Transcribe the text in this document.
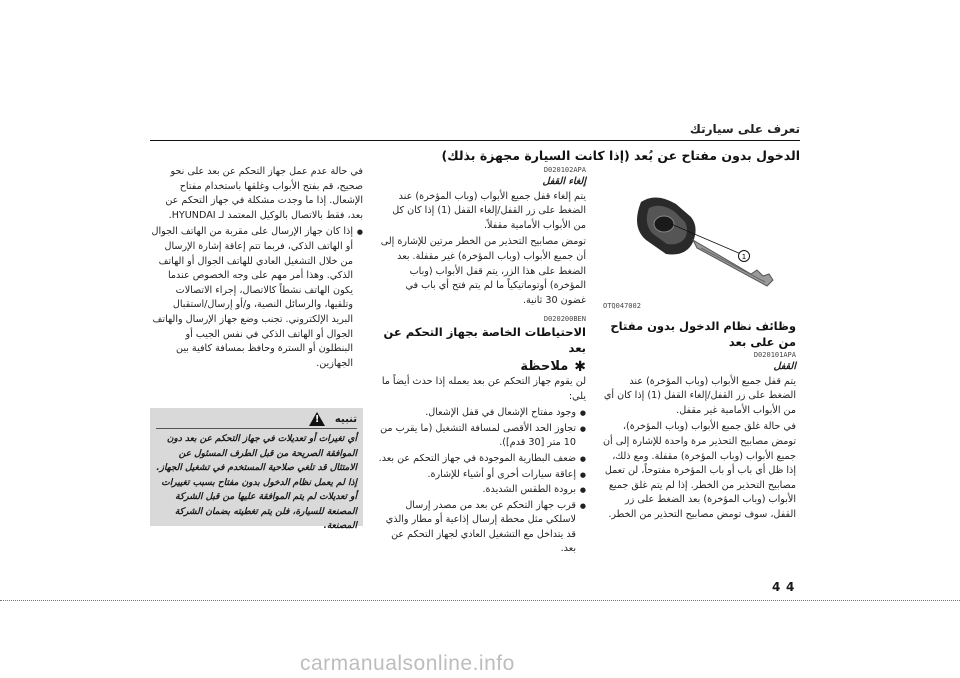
تعرف على سيارتك
الدخول بدون مفتاح عن بُعد (إذا كانت السيارة مجهزة بذلك)
1
OTQ047002
وظائف نظام الدخول بدون مفتاح من على بعد
D020101APA
القفل

يتم قفل جميع الأبواب (وباب المؤخرة) عند الضغط على زر القفل/إلغاء القفل (1) إذا كان أي من الأبواب الأمامية غير مقفل.

في حالة غلق جميع الأبواب (وباب المؤخرة)، تومض مصابيح التحذير مرة واحدة للإشارة إلى أن جميع الأبواب (وباب المؤخرة) مقفلة. ومع ذلك، إذا ظل أي باب أو باب المؤخرة مفتوحاً، لن تعمل مصابيح التحذير من الخطر. إذا لم يتم غلق جميع الأبواب (وباب المؤخرة) بعد الضغط على زر القفل، سوف تومض مصابيح التحذير من الخطر.

D020102APA
إلغاء القفل

يتم إلغاء قفل جميع الأبواب (وباب المؤخرة) عند الضغط على زر القفل/إلغاء القفل (1) إذا كان كل من الأبواب الأمامية مقفلاً.

تومض مصابيح التحذير من الخطر مرتين للإشارة إلى أن جميع الأبواب (وباب المؤخرة) غير مقفلة. بعد الضغط على هذا الزر، يتم قفل الأبواب (وباب المؤخرة) أوتوماتيكياً ما لم يتم فتح أي باب في غضون 30 ثانية.

D020200BEN
الاحتياطات الخاصة بجهاز التحكم عن بعد
✱
ملاحظة

لن يقوم جهاز التحكم عن بعد بعمله إذا حدث أيضاً ما يلي:

● وجود مفتاح الإشعال في قفل الإشعال.
● تجاوز الحد الأقصى لمسافة التشغيل (ما يقرب من 10 متر [30 قدم]).
● ضعف البطارية الموجودة في جهاز التحكم عن بعد.
● إعاقة سيارات أخرى أو أشياء للإشارة.
● برودة الطقس الشديدة.
● قرب جهاز التحكم عن بعد من مصدر إرسال لاسلكي مثل محطة إرسال إذاعية أو مطار والذي قد يتداخل مع التشغيل العادي لجهاز التحكم عن بعد.

في حالة عدم عمل جهاز التحكم عن بعد على نحو صحيح، قم بفتح الأبواب وغلقها باستخدام مفتاح الإشعال. إذا ما وجدت مشكلة في جهاز التحكم عن بعد، فقط بالاتصال بالوكيل المعتمد لـ HYUNDAI.

● إذا كان جهاز الإرسال على مقربة من الهاتف الجوال أو الهاتف الذكي، فربما تتم إعاقة إشارة الإرسال من خلال التشغيل العادي للهاتف الجوال أو الهاتف الذكي. وهذا أمر مهم على وجه الخصوص عندما يكون الهاتف نشطاً كالاتصال، إجراء الاتصالات وتلقيها، والرسائل النصية، و/أو إرسال/استقبال البريد الإلكتروني. تجنب وضع جهاز الإرسال والهاتف الجوال أو الهاتف الذكي في نفس الجيب أو البنطلون أو السترة وحافظ بمسافة كافية بين الجهازين.
تنبيه
!
أي تغيرات أو تعديلات في جهاز التحكم عن بعد دون الموافقة الصريحة من قبل الطرف المسئول عن الامتثال قد تلغي صلاحية المستخدم في تشغيل الجهاز. إذا لم يعمل نظام الدخول بدون مفتاح بسبب تغييرات أو تعديلات لم يتم الموافقة عليها من قبل الشركة المصنعة للسيارة، فلن يتم تغطيته بضمان الشركة المصنعة.
4 4
carmanualsonline.info
